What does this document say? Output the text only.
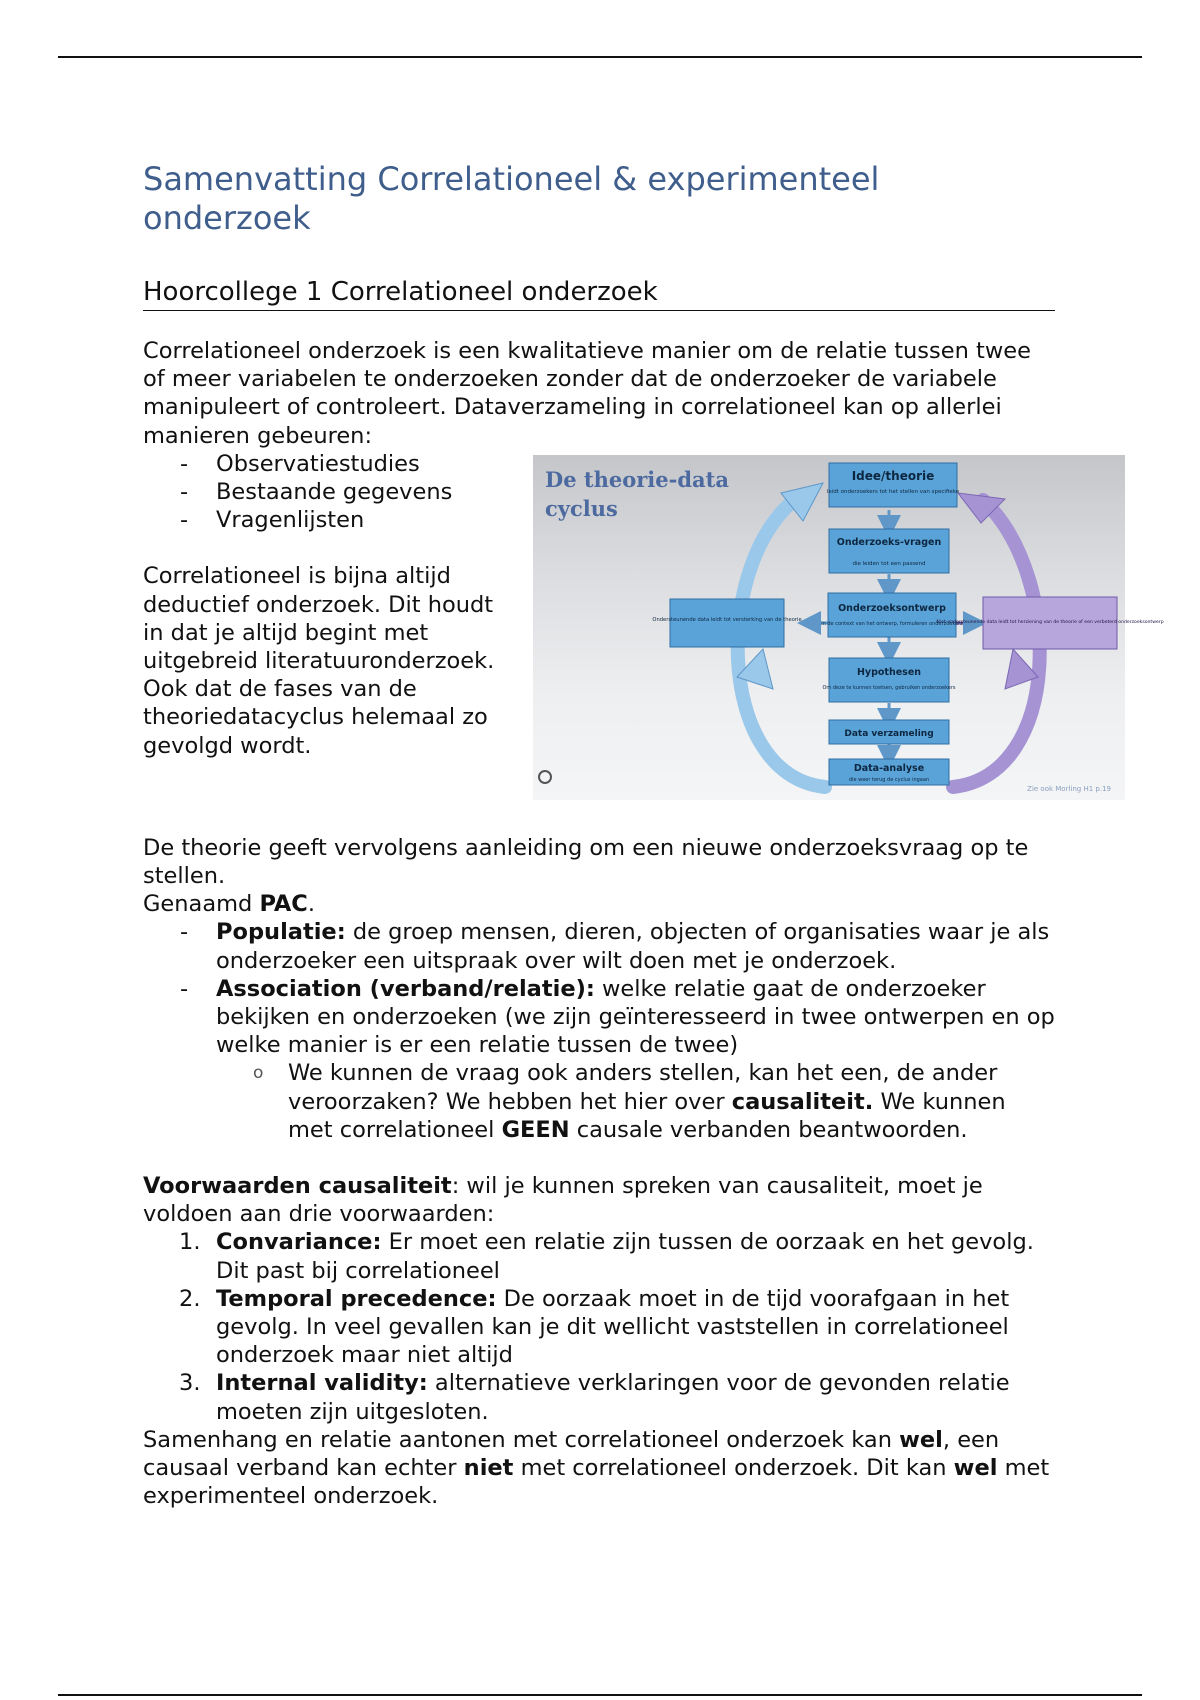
Samenvatting Correlationeel & experimenteel onderzoek
Hoorcollege 1 Correlationeel onderzoek

Correlationeel onderzoek is een kwalitatieve manier om de relatie tussen twee of meer variabelen te onderzoeken zonder dat de onderzoeker de variabele manipuleert of controleert. Dataverzameling in correlationeel kan op allerlei manieren gebeuren:

- Observatiestudies
- Bestaande gegevens
- Vragenlijsten

Correlationeel is bijna altijd deductief onderzoek. Dit houdt in dat je altijd begint met uitgebreid literatuuronderzoek. Ook dat de fases van de theoriedatacyclus helemaal zo gevolgd wordt.

De theorie geeft vervolgens aanleiding om een nieuwe onderzoeksvraag op te stellen.

Genaamd PAC.

- Populatie: de groep mensen, dieren, objecten of organisaties waar je als onderzoeker een uitspraak over wilt doen met je onderzoek.
- Association (verband/relatie): welke relatie gaat de onderzoeker bekijken en onderzoeken (we zijn geïnteresseerd in twee ontwerpen en op welke manier is er een relatie tussen de twee)
o We kunnen de vraag ook anders stellen, kan het een, de ander veroorzaken? We hebben het hier over causaliteit. We kunnen met correlationeel GEEN causale verbanden beantwoorden.

Voorwaarden causaliteit: wil je kunnen spreken van causaliteit, moet je voldoen aan drie voorwaarden:

1. Convariance: Er moet een relatie zijn tussen de oorzaak en het gevolg. Dit past bij correlationeel
2. Temporal precedence: De oorzaak moet in de tijd voorafgaan in het gevolg. In veel gevallen kan je dit wellicht vaststellen in correlationeel onderzoek maar niet altijd
3. Internal validity: alternatieve verklaringen voor de gevonden relatie moeten zijn uitgesloten.

Samenhang en relatie aantonen met correlationeel onderzoek kan wel, een causaal verband kan echter niet met correlationeel onderzoek. Dit kan wel met experimenteel onderzoek.

Idee/theorie
leidt onderzoekers tot het stellen van specifieke
Onderzoeks-vragen
die leiden tot een passend
Onderzoeksontwerp
in de context van het ontwerp, formuleren onderzoekers
Hypothesen
Om deze te kunnen toetsen, gebruiken onderzoekers
Data verzameling
Data-analyse
die weer terug de cyclus ingaan
Ondersteunende data leidt tot versterking van de theorie	Niet-ondersteunende data leidt tot herziening van de theorie of een verbeterd onderzoeksontwerp
De theorie-data cyclus
Zie ook Morling H1 p.19
